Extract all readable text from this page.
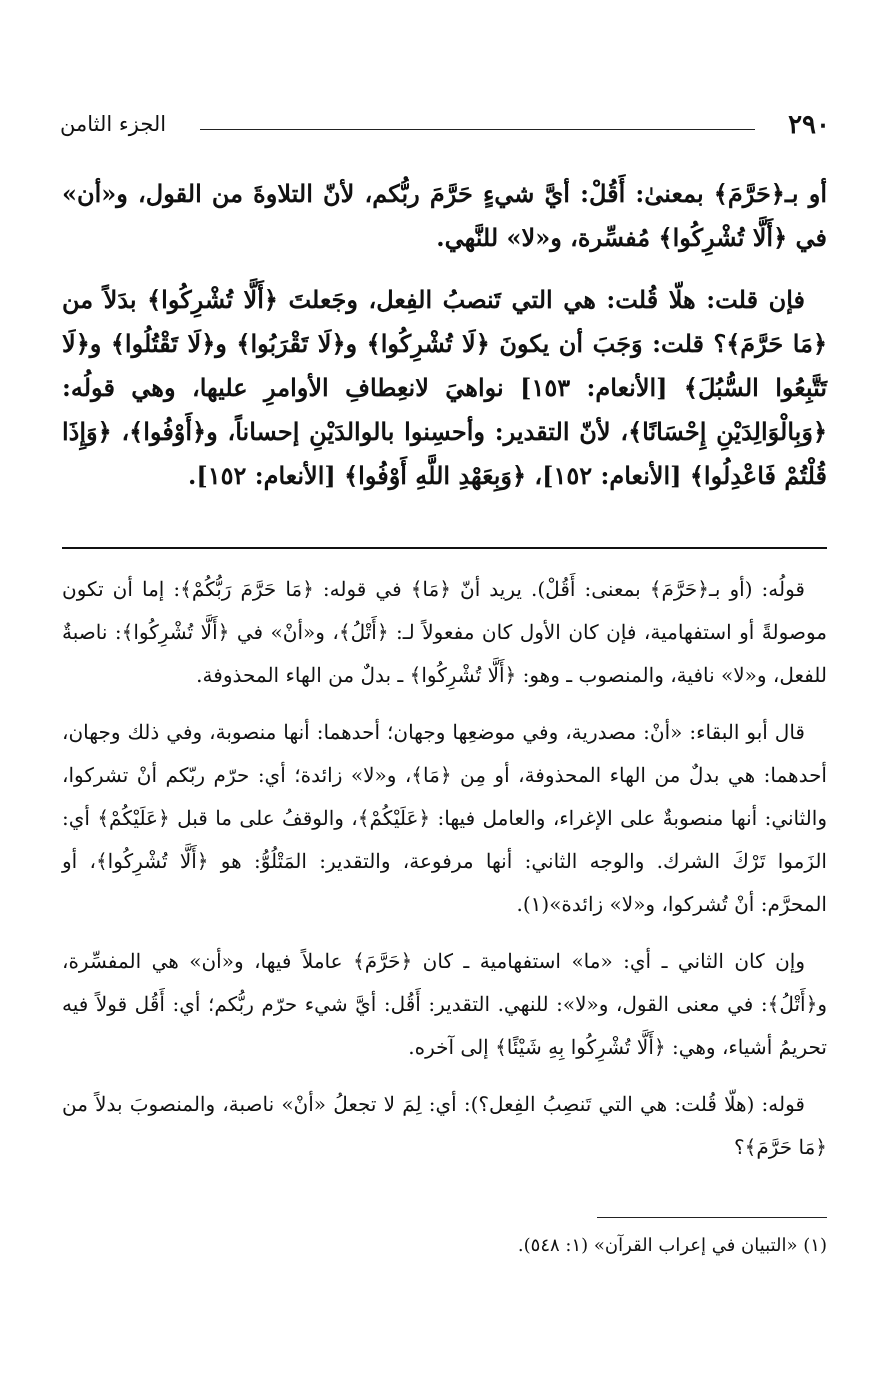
٢٩٠
الجزء الثامن

أو بـ﴿حَرَّمَ﴾ بمعنىٰ: أَقُلْ: أيَّ شيءٍ حَرَّمَ ربُّكم، لأنّ التلاوةَ من القول، و«أن» في ﴿أَلَّا تُشْرِكُوا﴾ مُفسِّرة، و«لا» للنَّهي.

فإن قلت: هلّا قُلت: هي التي تَنصبُ الفِعل، وجَعلتَ ﴿أَلَّا تُشْرِكُوا﴾ بدَلاً من ﴿مَا حَرَّمَ﴾؟ قلت: وَجَبَ أن يكونَ ﴿لَا تُشْرِكُوا﴾ و﴿لَا تَقْرَبُوا﴾ و﴿لَا تَقْتُلُوا﴾ و﴿لَا تَتَّبِعُوا السُّبُلَ﴾ [الأنعام: ١٥٣] نواهيَ لانعِطافِ الأوامرِ عليها، وهي قولُه: ﴿وَبِالْوَالِدَيْنِ إِحْسَانًا﴾، لأنّ التقدير: وأحسِنوا بالوالدَيْنِ إحساناً، و﴿أَوْفُوا﴾، ﴿وَإِذَا قُلْتُمْ فَاعْدِلُوا﴾ [الأنعام: ١٥٢]، ﴿وَبِعَهْدِ اللَّهِ أَوْفُوا﴾ [الأنعام: ١٥٢].

قولُه: (أو بـ﴿حَرَّمَ﴾ بمعنى: أَقُلْ). يريد أنّ ﴿مَا﴾ في قوله: ﴿مَا حَرَّمَ رَبُّكُمْ﴾: إما أن تكون موصولةً أو استفهامية، فإن كان الأول كان مفعولاً لـ: ﴿أَتْلُ﴾، و«أنْ» في ﴿أَلَّا تُشْرِكُوا﴾: ناصبةٌ للفعل، و«لا» نافية، والمنصوب ـ وهو: ﴿أَلَّا تُشْرِكُوا﴾ ـ بدلٌ من الهاء المحذوفة.

قال أبو البقاء: «أنْ: مصدرية، وفي موضعِها وجهان؛ أحدهما: أنها منصوبة، وفي ذلك وجهان، أحدهما: هي بدلٌ من الهاء المحذوفة، أو مِن ﴿مَا﴾، و«لا» زائدة؛ أي: حرّم ربّكم أنْ تشركوا، والثاني: أنها منصوبةٌ على الإغراء، والعامل فيها: ﴿عَلَيْكُمْ﴾، والوقفُ على ما قبل ﴿عَلَيْكُمْ﴾ أي: الزَموا تَرْكَ الشرك. والوجه الثاني: أنها مرفوعة، والتقدير: المَتْلُوُّ: هو ﴿أَلَّا تُشْرِكُوا﴾، أو المحرَّم: أنْ تُشركوا، و«لا» زائدة»(١).

وإن كان الثاني ـ أي: «ما» استفهامية ـ كان ﴿حَرَّمَ﴾ عاملاً فيها، و«أن» هي المفسِّرة، و﴿أَتْلُ﴾: في معنى القول، و«لا»: للنهي. التقدير: أَقُل: أيَّ شيء حرّم ربُّكم؛ أي: أَقُل قولاً فيه تحريمُ أشياء، وهي: ﴿أَلَّا تُشْرِكُوا بِهِ شَيْئًا﴾ إلى آخره.

قوله: (هلّا قُلت: هي التي تَنصِبُ الفِعل؟): أي: لِمَ لا تجعلُ «أنْ» ناصبة، والمنصوبَ بدلاً من ﴿مَا حَرَّمَ﴾؟

(١) «التبيان في إعراب القرآن» (١: ٥٤٨).
